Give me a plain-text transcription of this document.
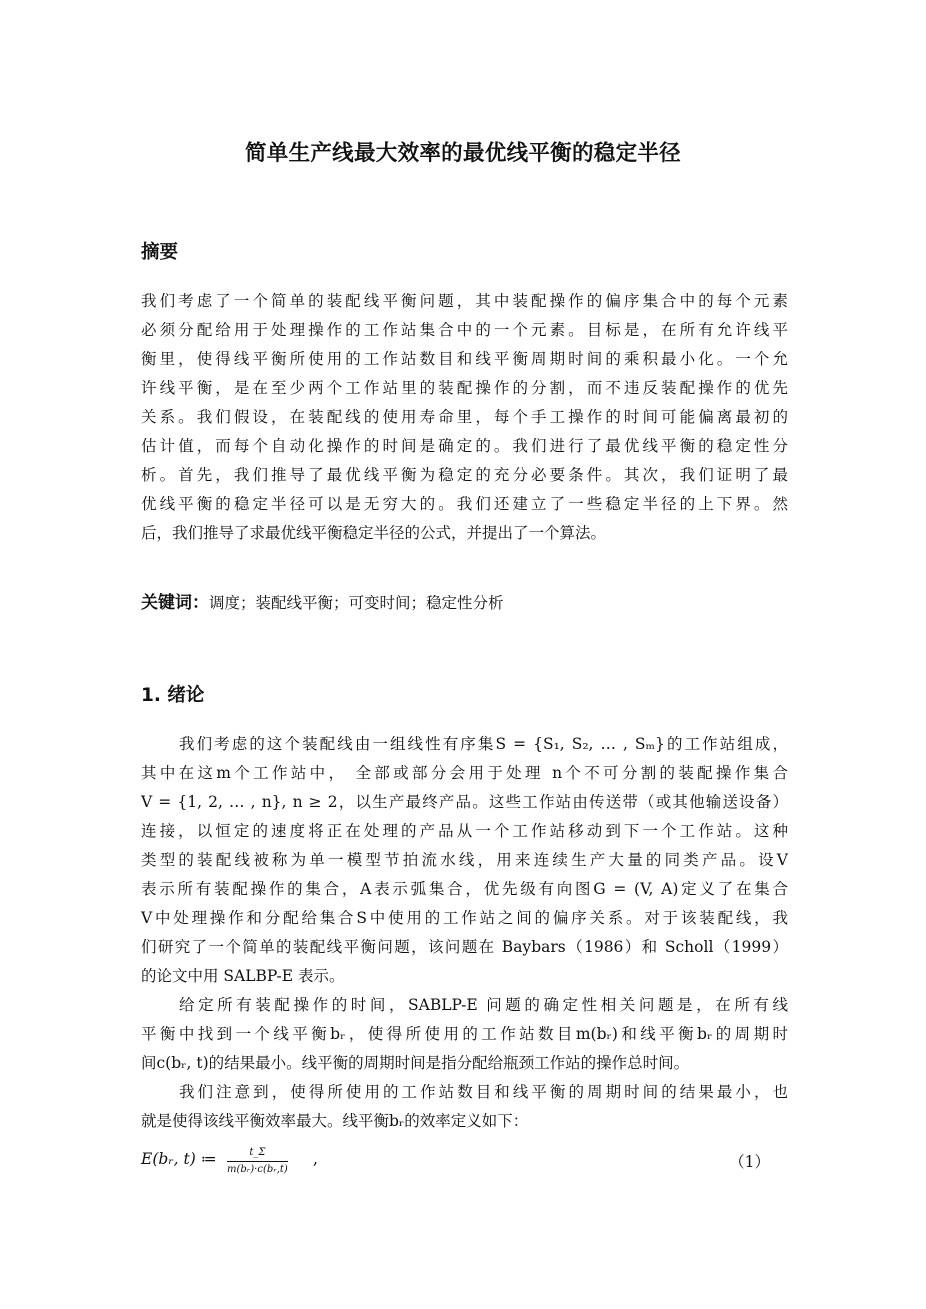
简单生产线最大效率的最优线平衡的稳定半径
摘要
我们考虑了一个简单的装配线平衡问题，其中装配操作的偏序集合中的每个元素
必须分配给用于处理操作的工作站集合中的一个元素。目标是，在所有允许线平
衡里，使得线平衡所使用的工作站数目和线平衡周期时间的乘积最小化。一个允
许线平衡，是在至少两个工作站里的装配操作的分割，而不违反装配操作的优先
关系。我们假设，在装配线的使用寿命里，每个手工操作的时间可能偏离最初的
估计值，而每个自动化操作的时间是确定的。我们进行了最优线平衡的稳定性分
析。首先，我们推导了最优线平衡为稳定的充分必要条件。其次，我们证明了最
优线平衡的稳定半径可以是无穷大的。我们还建立了一些稳定半径的上下界。然
后，我们推导了求最优线平衡稳定半径的公式，并提出了一个算法。
关键词：调度；装配线平衡；可变时间；稳定性分析
1. 绪论
我们考虑的这个装配线由一组线性有序集S = {S₁, S₂, … , Sₘ}的工作站组成，
其中在这m个工作站中， 全部或部分会用于处理 n个不可分割的装配操作集合
V = {1, 2, … , n}, n ≥ 2，以生产最终产品。这些工作站由传送带（或其他输送设备）
连接，以恒定的速度将正在处理的产品从一个工作站移动到下一个工作站。这种
类型的装配线被称为单一模型节拍流水线，用来连续生产大量的同类产品。设V
表示所有装配操作的集合，A表示弧集合，优先级有向图G = (V, A)定义了在集合
V中处理操作和分配给集合S中使用的工作站之间的偏序关系。对于该装配线，我
们研究了一个简单的装配线平衡问题，该问题在 Baybars（1986）和 Scholl（1999）
的论文中用 SALBP-E 表示。
给定所有装配操作的时间，SABLP-E 问题的确定性相关问题是，在所有线
平衡中找到一个线平衡bᵣ，使得所使用的工作站数目m(bᵣ)和线平衡bᵣ的周期时
间c(bᵣ, t)的结果最小。线平衡的周期时间是指分配给瓶颈工作站的操作总时间。
我们注意到，使得所使用的工作站数目和线平衡的周期时间的结果最小，也
就是使得该线平衡效率最大。线平衡bᵣ的效率定义如下：
E(bᵣ, t) ≔ $\frac{t\_\Sigma}{\text{m(bᵣ)·c(bᵣ,t)}}$ ,	（1）
